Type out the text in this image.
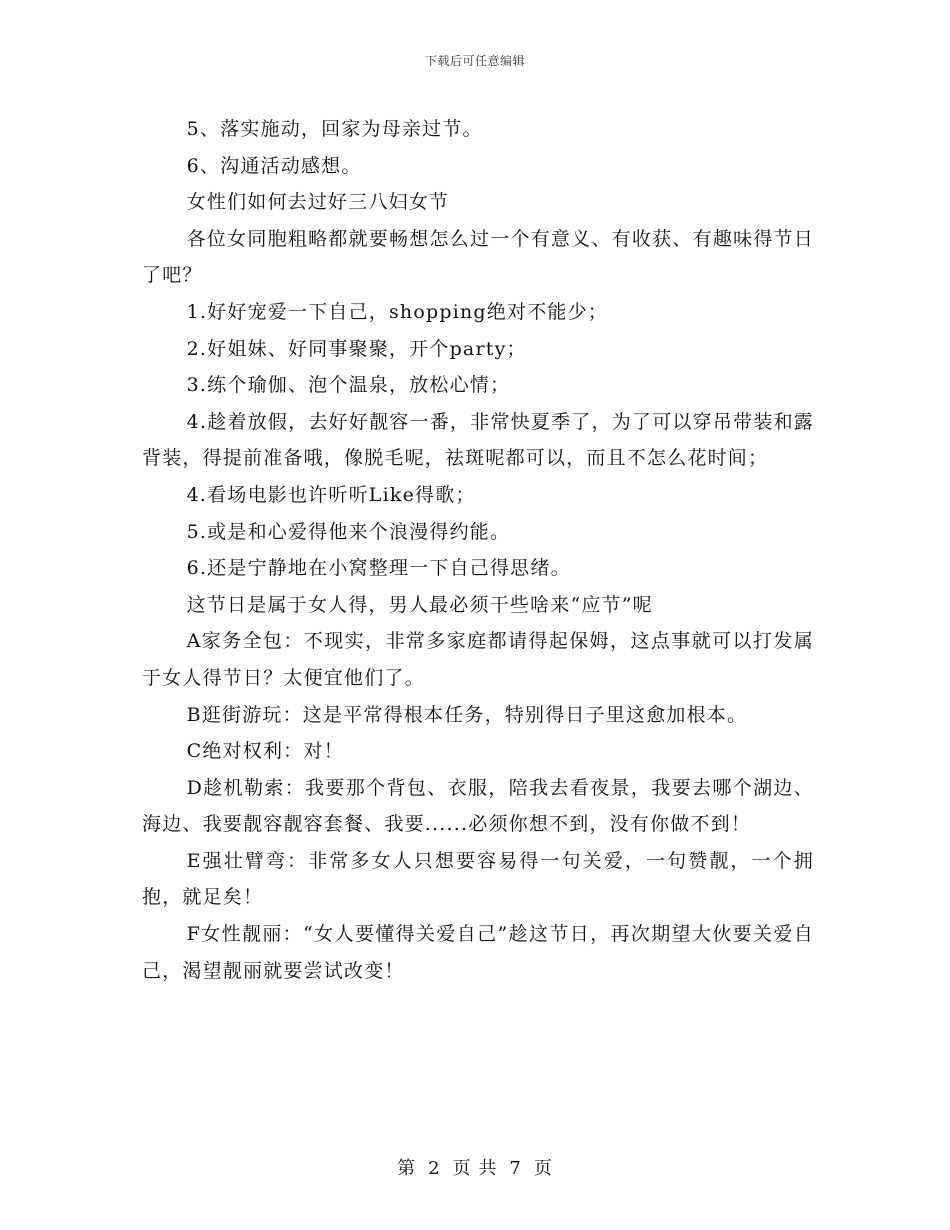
下载后可任意编辑

5、落实施动，回家为母亲过节。

6、沟通活动感想。

女性们如何去过好三八妇女节

各位女同胞粗略都就要畅想怎么过一个有意义、有收获、有趣味得节日了吧？

1.好好宠爱一下自己，shopping绝对不能少；

2.好姐妹、好同事聚聚，开个party；

3.练个瑜伽、泡个温泉，放松心情；

4.趁着放假，去好好靓容一番，非常快夏季了，为了可以穿吊带装和露背装，得提前准备哦，像脱毛呢，祛斑呢都可以，而且不怎么花时间；

4.看场电影也许听听Like得歌；

5.或是和心爱得他来个浪漫得约能。

6.还是宁静地在小窝整理一下自己得思绪。

这节日是属于女人得，男人最必须干些啥来“应节”呢

A家务全包：不现实，非常多家庭都请得起保姆，这点事就可以打发属于女人得节日？太便宜他们了。

B逛街游玩：这是平常得根本任务，特别得日子里这愈加根本。

C绝对权利：对！

D趁机勒索：我要那个背包、衣服，陪我去看夜景，我要去哪个湖边、海边、我要靓容靓容套餐、我要......必须你想不到，没有你做不到！

E强壮臂弯：非常多女人只想要容易得一句关爱，一句赞靓，一个拥抱，就足矣！

F女性靓丽：“女人要懂得关爱自己”趁这节日，再次期望大伙要关爱自己，渴望靓丽就要尝试改变！

第 2 页 共 7 页
